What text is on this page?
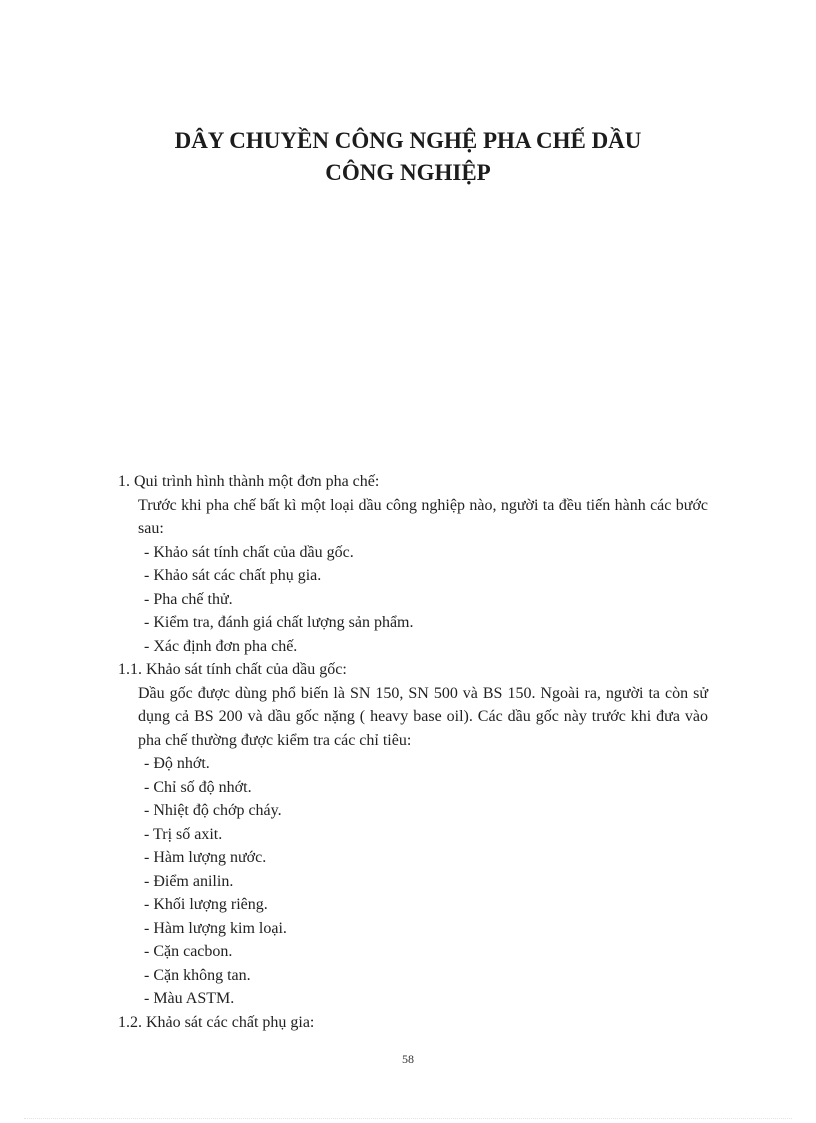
DÂY CHUYỀN CÔNG NGHỆ PHA CHẾ DẦU
CÔNG NGHIỆP
1. Qui trình hình thành một đơn pha chế:
Trước khi pha chế bất kì một loại dầu công nghiệp nào, người ta đều tiến hành các bước sau:
- Khảo sát tính chất của dầu gốc.
- Khảo sát các chất phụ gia.
- Pha chế thử.
- Kiểm tra, đánh giá chất lượng sản phẩm.
- Xác định đơn pha chế.
1.1. Khảo sát tính chất của dầu gốc:
Dầu gốc được dùng phổ biến là SN 150, SN 500 và BS 150. Ngoài ra, người ta còn sử dụng cả BS 200 và dầu gốc nặng ( heavy base oil). Các dầu gốc này trước khi đưa vào pha chế thường được kiểm tra các chỉ tiêu:
- Độ nhớt.
- Chỉ số độ nhớt.
- Nhiệt độ chớp cháy.
- Trị số axit.
- Hàm lượng nước.
- Điểm anilin.
- Khối lượng riêng.
- Hàm lượng kim loại.
- Cặn cacbon.
- Cặn không tan.
- Màu ASTM.
1.2. Khảo sát các chất phụ gia:
58
